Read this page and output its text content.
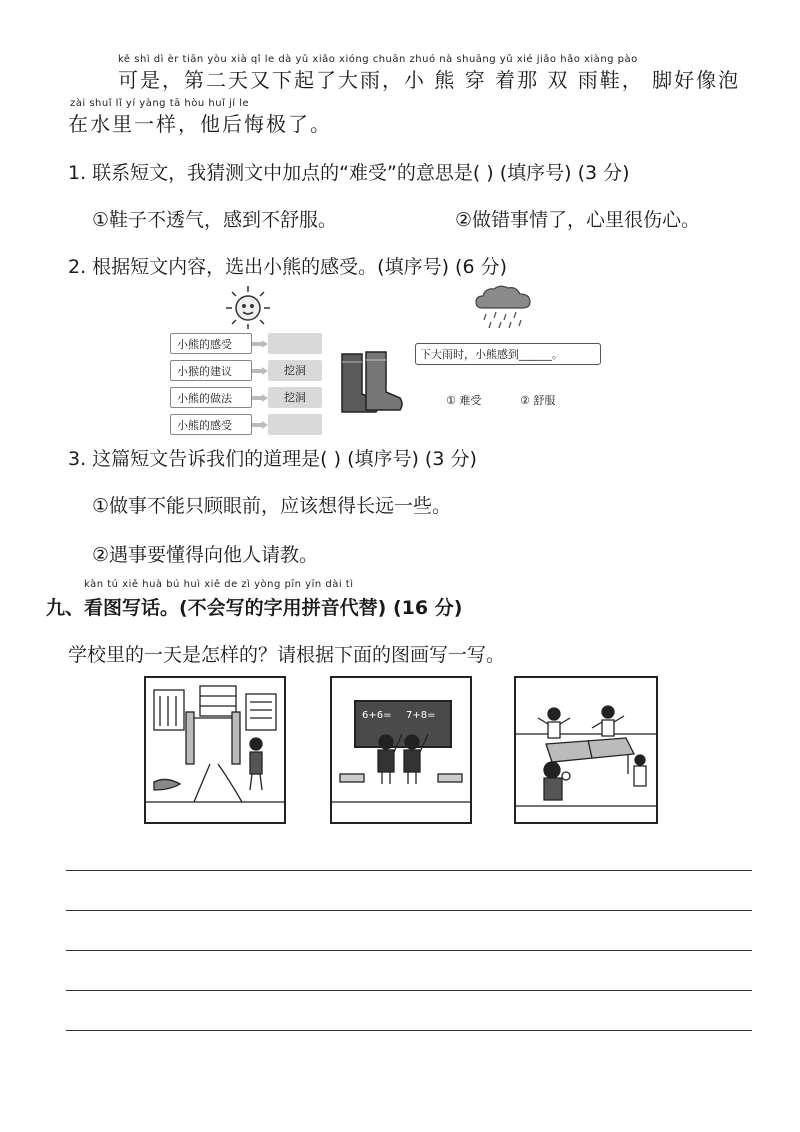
kě shì dì èr tiān yòu xià qǐ le dà yǔ xiǎo xióng chuān zhuó nà shuāng yǔ xié jiǎo hǎo xiàng pào
可是，第二天又下起了大雨，小 熊 穿 着那 双 雨鞋， 脚好像泡
zài shuǐ lǐ yí yàng tā hòu huǐ jí le
在水里一样，他后悔极了。
1. 联系短文，我猜测文中加点的“难受”的意思是( ) (填序号) (3 分)
①鞋子不透气，感到不舒服。	②做错事情了，心里很伤心。
2. 根据短文内容，选出小熊的感受。(填序号) (6 分)
小熊的感受
小猴的建议	挖洞
小熊的做法	挖洞
小熊的感受
下大雨时，小熊感到______。
① 难受	② 舒服
3. 这篇短文告诉我们的道理是( ) (填序号) (3 分)
①做事不能只顾眼前，应该想得长远一些。
②遇事要懂得向他人请教。
kàn tú xiě huà bú huì xiě de zì yòng pīn yīn dài tì
九、看图写话。(不会写的字用拼音代替) (16 分)
学校里的一天是怎样的？请根据下面的图画写一写。
6+6= 7+8=
